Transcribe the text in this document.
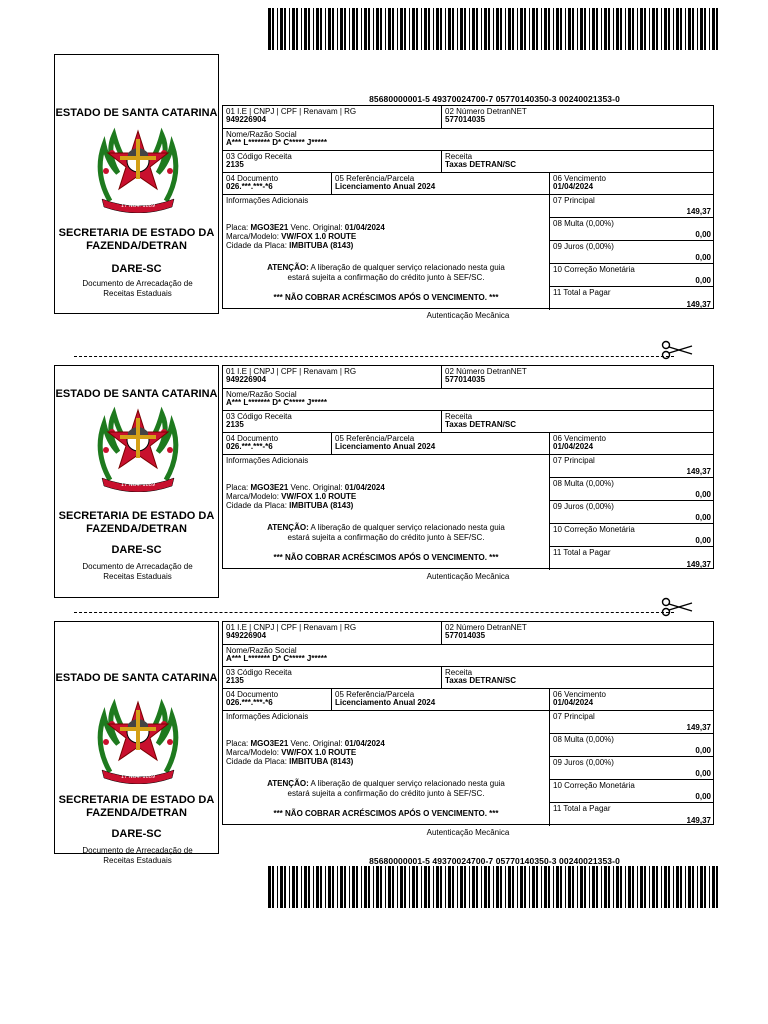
85680000001-5 49370024700-7 05770140350-3 00240021353-0
ESTADO DE SANTA CATARINA
17 NOV. 1889
SECRETARIA DE ESTADO DA
FAZENDA/DETRAN
DARE-SC
Documento de Arrecadação de
Receitas Estaduais
01 I.E | CNPJ | CPF | Renavam | RG
949226904
02 Número DetranNET
577014035
Nome/Razão Social
A*** L******* D* C***** J*****
03 Código Receita
2135
Receita
Taxas DETRAN/SC
04 Documento
026.***.***-*6
05 Referência/Parcela
Licenciamento Anual 2024
06 Vencimento
01/04/2024
Informações Adicionais
Placa: MGO3E21 Venc. Original: 01/04/2024
Marca/Modelo: VW/FOX 1.0 ROUTE
Cidade da Placa: IMBITUBA (8143)
ATENÇÃO: A liberação de qualquer serviço relacionado nesta guia
estará sujeita a confirmação do crédito junto à SEF/SC.
*** NÃO COBRAR ACRÉSCIMOS APÓS O VENCIMENTO. ***
07 Principal
149,37
08 Multa (0,00%)
0,00
09 Juros (0,00%)
0,00
10 Correção Monetária
0,00
11 Total a Pagar
149,37
Autenticação Mecânica
ESTADO DE SANTA CATARINA
17 NOV. 1889
SECRETARIA DE ESTADO DA
FAZENDA/DETRAN
DARE-SC
Documento de Arrecadação de
Receitas Estaduais
01 I.E | CNPJ | CPF | Renavam | RG
949226904
02 Número DetranNET
577014035
Nome/Razão Social
A*** L******* D* C***** J*****
03 Código Receita
2135
Receita
Taxas DETRAN/SC
04 Documento
026.***.***-*6
05 Referência/Parcela
Licenciamento Anual 2024
06 Vencimento
01/04/2024
Informações Adicionais
Placa: MGO3E21 Venc. Original: 01/04/2024
Marca/Modelo: VW/FOX 1.0 ROUTE
Cidade da Placa: IMBITUBA (8143)
ATENÇÃO: A liberação de qualquer serviço relacionado nesta guia
estará sujeita a confirmação do crédito junto à SEF/SC.
*** NÃO COBRAR ACRÉSCIMOS APÓS O VENCIMENTO. ***
07 Principal
149,37
08 Multa (0,00%)
0,00
09 Juros (0,00%)
0,00
10 Correção Monetária
0,00
11 Total a Pagar
149,37
Autenticação Mecânica
ESTADO DE SANTA CATARINA
17 NOV. 1889
SECRETARIA DE ESTADO DA
FAZENDA/DETRAN
DARE-SC
Documento de Arrecadação de
Receitas Estaduais
01 I.E | CNPJ | CPF | Renavam | RG
949226904
02 Número DetranNET
577014035
Nome/Razão Social
A*** L******* D* C***** J*****
03 Código Receita
2135
Receita
Taxas DETRAN/SC
04 Documento
026.***.***-*6
05 Referência/Parcela
Licenciamento Anual 2024
06 Vencimento
01/04/2024
Informações Adicionais
Placa: MGO3E21 Venc. Original: 01/04/2024
Marca/Modelo: VW/FOX 1.0 ROUTE
Cidade da Placa: IMBITUBA (8143)
ATENÇÃO: A liberação de qualquer serviço relacionado nesta guia
estará sujeita a confirmação do crédito junto à SEF/SC.
*** NÃO COBRAR ACRÉSCIMOS APÓS O VENCIMENTO. ***
07 Principal
149,37
08 Multa (0,00%)
0,00
09 Juros (0,00%)
0,00
10 Correção Monetária
0,00
11 Total a Pagar
149,37
Autenticação Mecânica
85680000001-5 49370024700-7 05770140350-3 00240021353-0
